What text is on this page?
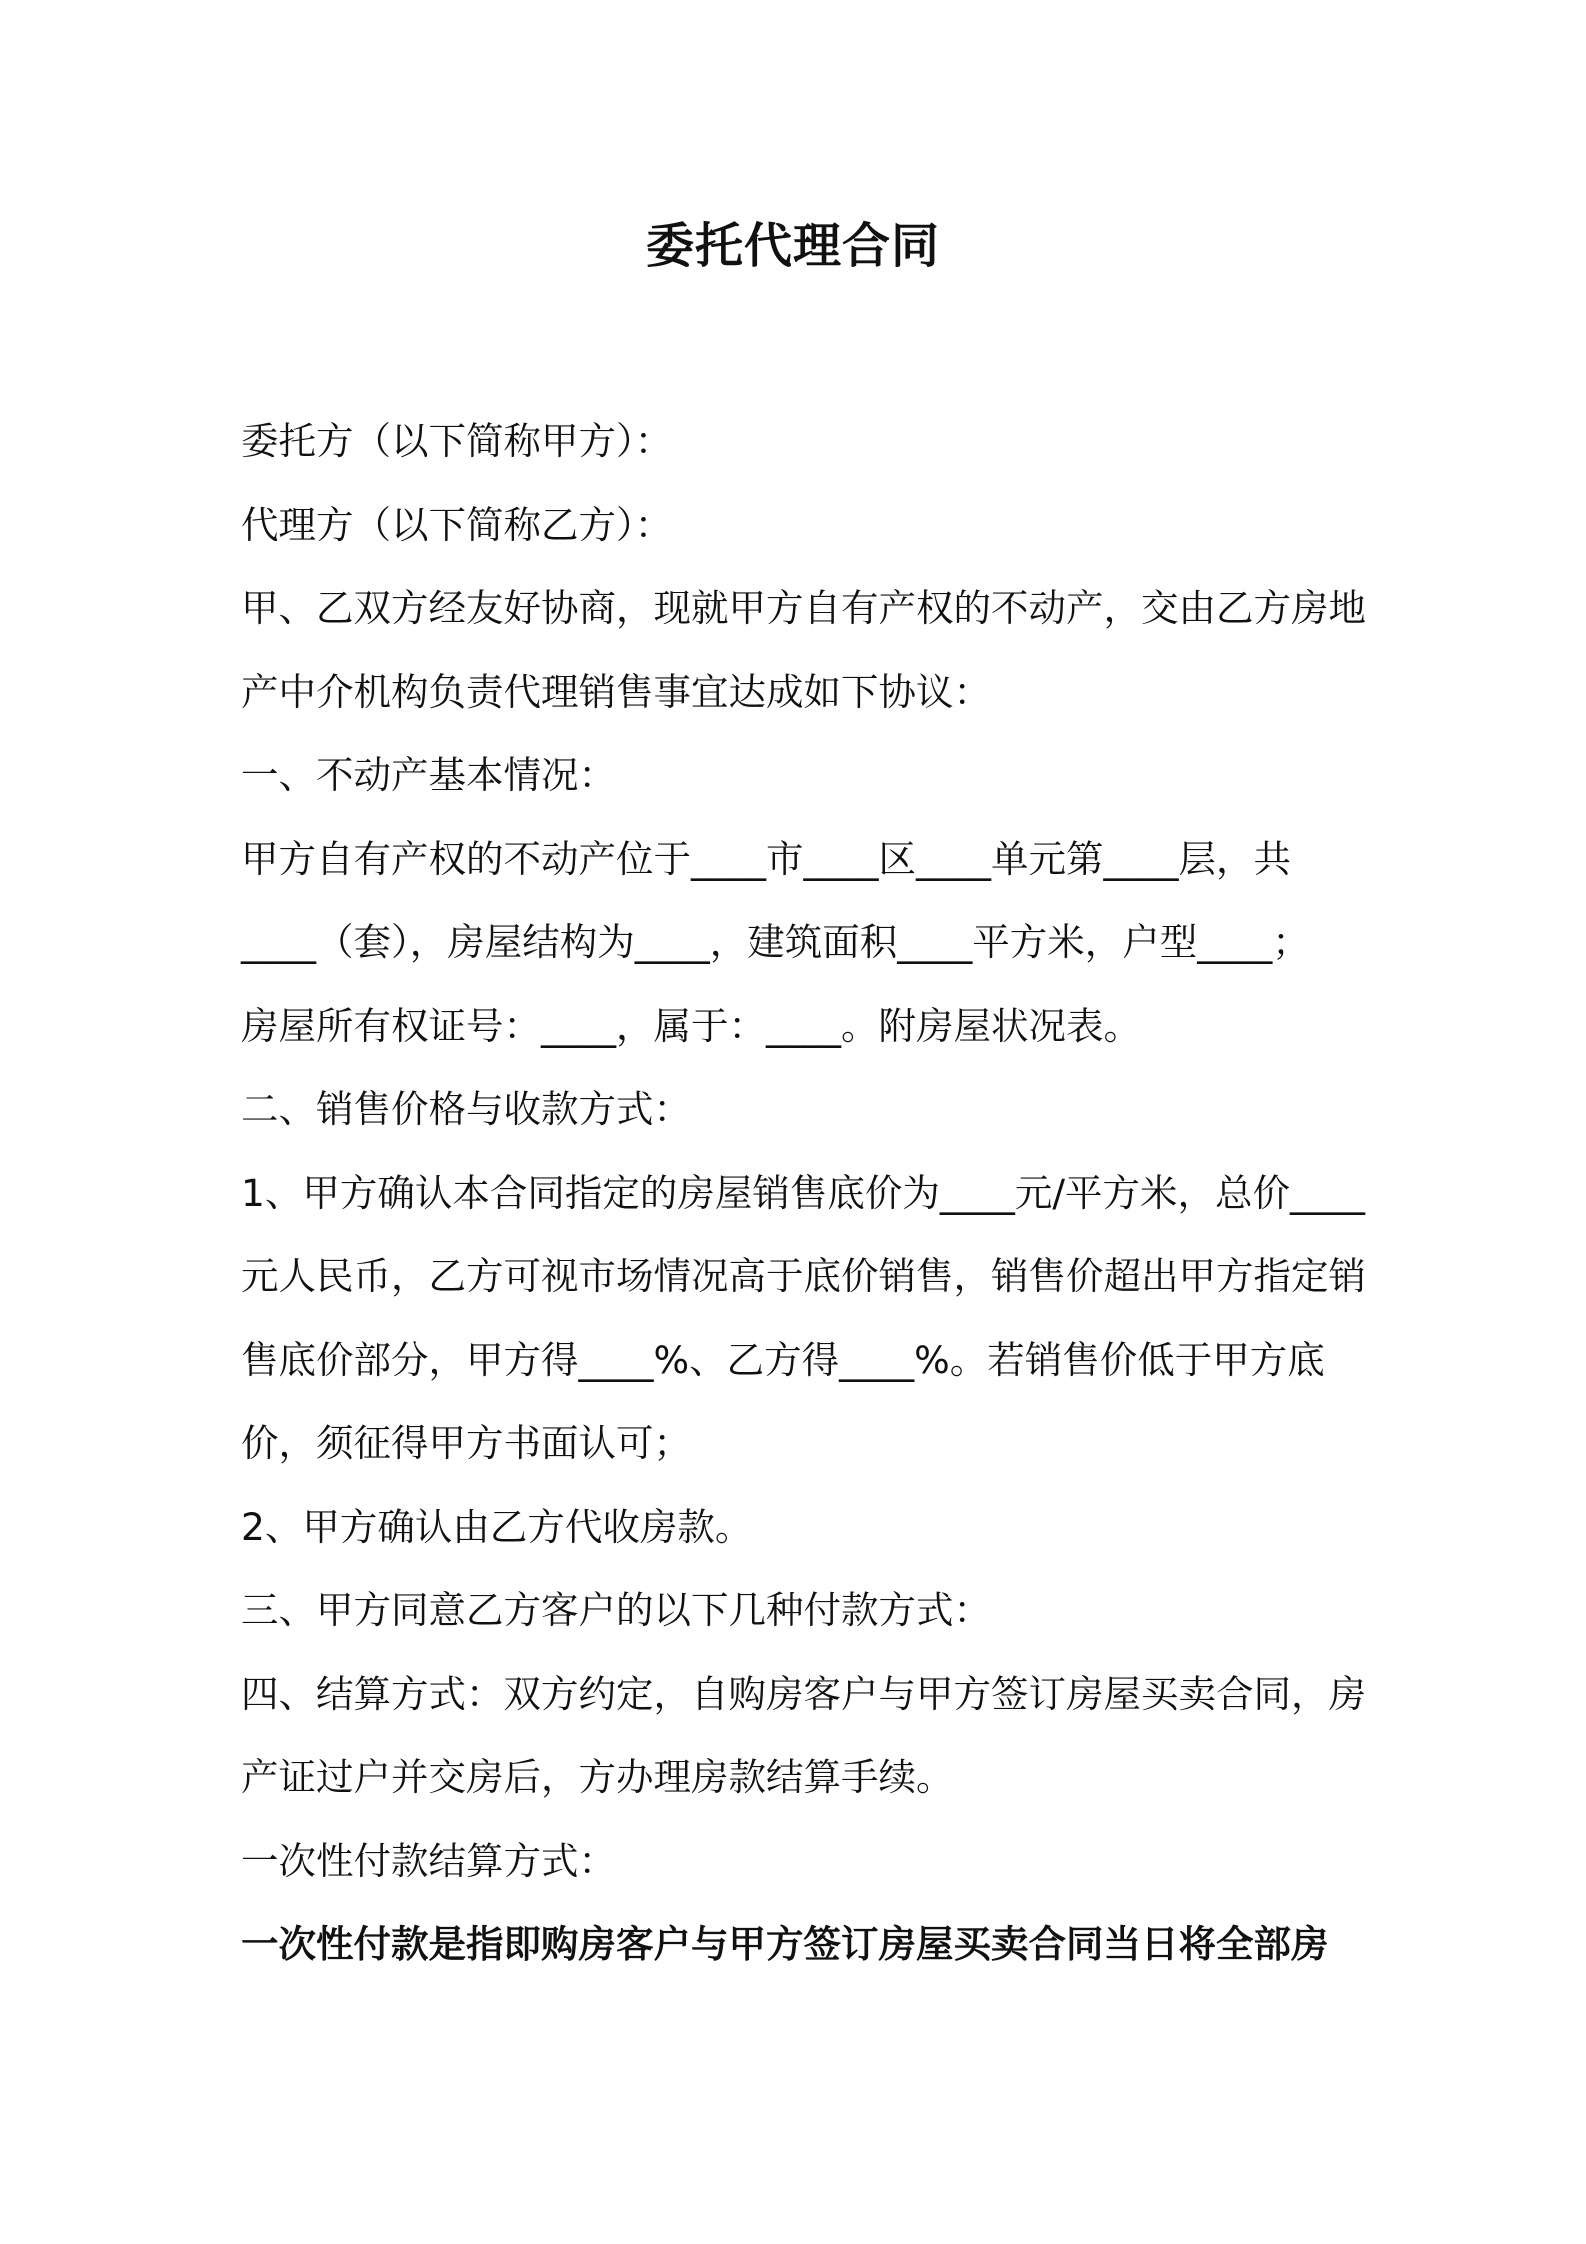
委托代理合同

委托方（以下简称甲方）：

代理方（以下简称乙方）：

甲、乙双方经友好协商，现就甲方自有产权的不动产，交由乙方房地

产中介机构负责代理销售事宜达成如下协议：

一、不动产基本情况：

甲方自有产权的不动产位于____市____区____单元第____层，共

____（套），房屋结构为____，建筑面积____平方米，户型____；

房屋所有权证号：____，属于：____。附房屋状况表。

二、销售价格与收款方式：

1、甲方确认本合同指定的房屋销售底价为____元/平方米，总价____

元人民币，乙方可视市场情况高于底价销售，销售价超出甲方指定销

售底价部分，甲方得____%、乙方得____%。若销售价低于甲方底

价，须征得甲方书面认可；

2、甲方确认由乙方代收房款。

三、甲方同意乙方客户的以下几种付款方式：

四、结算方式：双方约定，自购房客户与甲方签订房屋买卖合同，房

产证过户并交房后，方办理房款结算手续。

一次性付款结算方式：

一次性付款是指即购房客户与甲方签订房屋买卖合同当日将全部房
